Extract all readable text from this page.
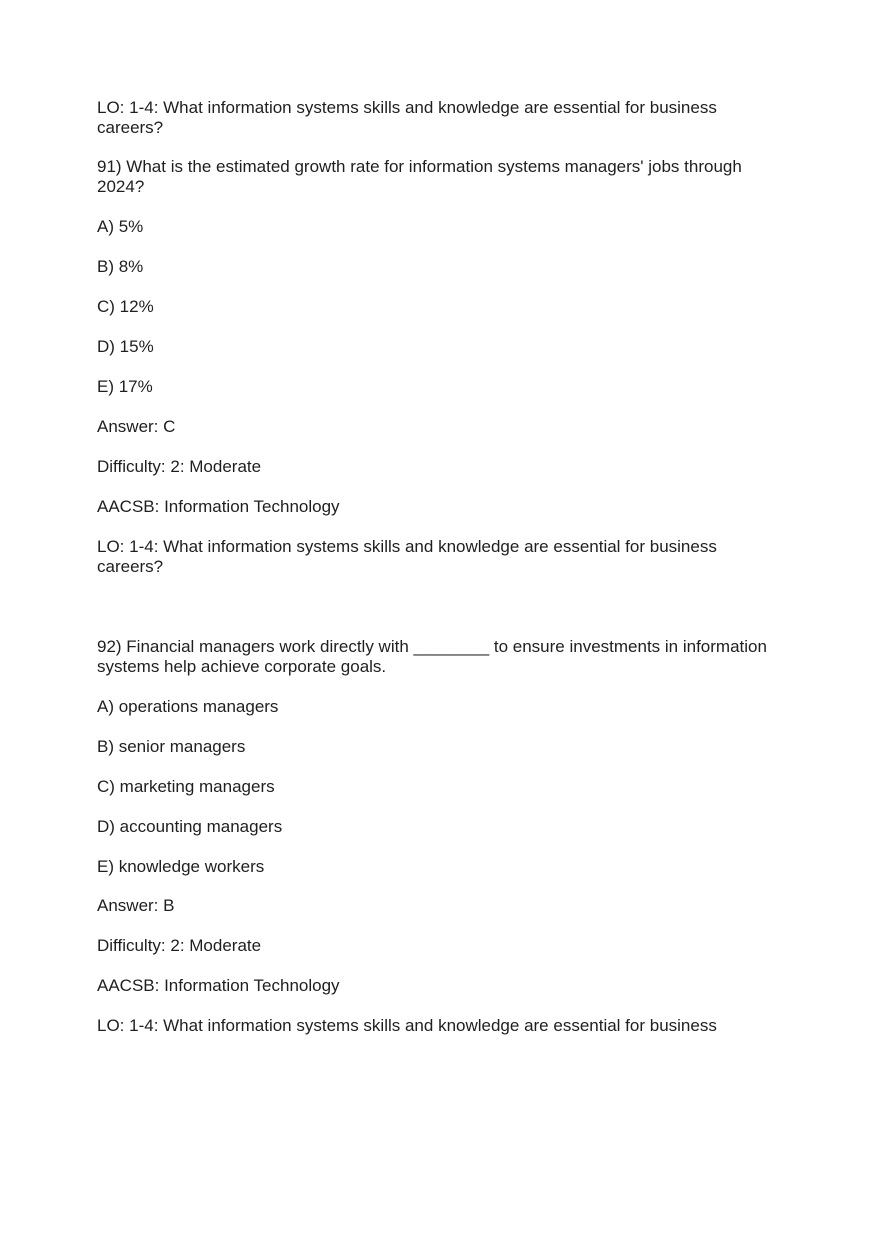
LO: 1-4: What information systems skills and knowledge are essential for business careers?
91) What is the estimated growth rate for information systems managers' jobs through 2024?
A) 5%
B) 8%
C) 12%
D) 15%
E) 17%
Answer: C
Difficulty: 2: Moderate
AACSB: Information Technology
LO: 1-4: What information systems skills and knowledge are essential for business careers?
92) Financial managers work directly with ________ to ensure investments in information systems help achieve corporate goals.
A) operations managers
B) senior managers
C) marketing managers
D) accounting managers
E) knowledge workers
Answer: B
Difficulty: 2: Moderate
AACSB: Information Technology
LO: 1-4: What information systems skills and knowledge are essential for business
